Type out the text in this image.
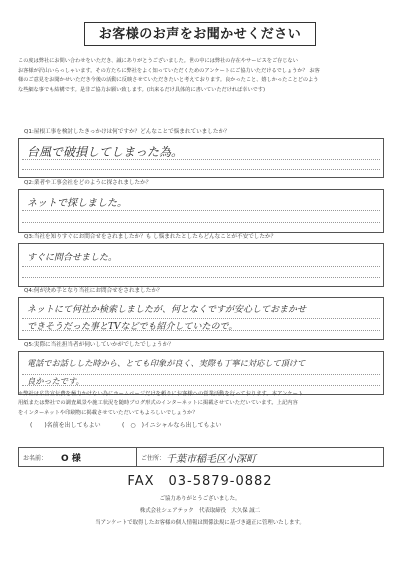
お客様のお声をお聞かせください

この度は弊社にお問い合わせをいただき、誠にありがとうございました。世の中には弊社の存在やサービスをご存じない

お客様が沢山いらっしゃいます。その方たちに弊社をよく知っていただくためのアンケートにご協力いただけるでしょうか？ お客

様のご意見をお聞かせいただき今後の活動に反映させていただきたいと考えております。良かったこと、嬉しかったことどのよう

な些細な事でも結構です。是非ご協力お願い致します。(出来るだけ具体的に書いていただければ幸いです)

Q1:屋根工事を検討したきっかけは何ですか？どんなことで悩まれていましたか？
台風で破損してしまった為。
Q2:業者や工事会社をどのように探されましたか？
ネットで探しました。
Q3:当社を知りすぐにお問合せをされましたか？も し悩まれたとしたらどんなことが不安でしたか？
すぐに問合せました。
Q4:何が決め手となり当社にお問合せをされましたか？
ネットにて何社か検索しましたが、何となくですが安心しておまかせ
できそうだった事とTVなどでも紹介していたので。
Q5:実際に当社担当者が伺いしていかがでしたでしょうか？
電話でお話しした時から、とても印象が良く、実際も丁寧に対応して頂けて
良かったです。

＊弊社は広告宣伝費を極力かけない為にホームページだけを頼りにお客様への営業活動を行っております。本アンケート

用紙または弊社での調査風景や施工状況を随時ブログ形式のインターネットに掲載させていただいています。上記内容

をインターネットや印刷物に掲載させていただいてもよろしいでしょうか？

(　　)名前を出してもよい	(　○　)イニシャルなら出してもよい
お名前： O 様	ご住所： 千葉市稲毛区小深町
FAX　03-5879-0882
ご協力ありがとうございました。
株式会社シェアテック　代表取締役　大久保 誠二
当アンケートで取得したお客様の個人情報は関係法規に基づき適正に管理いたします。
